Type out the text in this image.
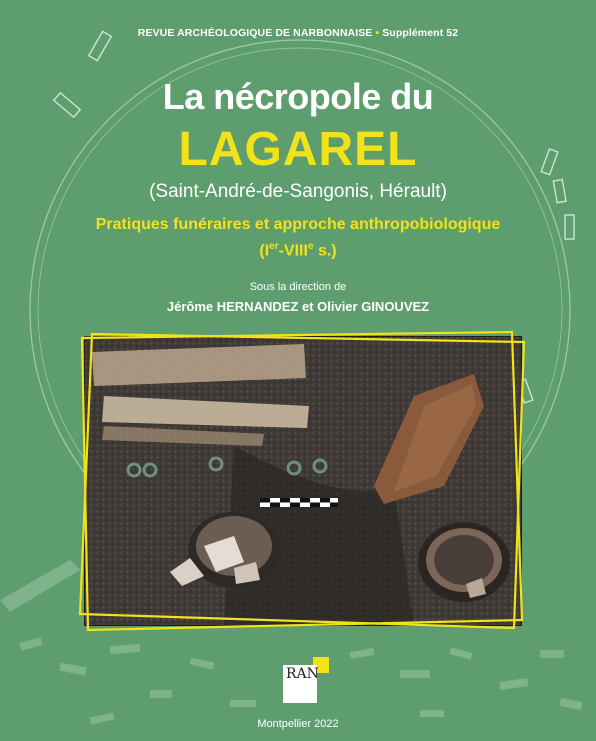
REVUE ARCHÉOLOGIQUE DE NARBONNAISE • Supplément 52
La nécropole du
LAGAREL
(Saint-André-de-Sangonis, Hérault)
Pratiques funéraires et approche anthropobiologique
(Ier-VIIIe s.)
Sous la direction de
Jérôme HERNANDEZ et Olivier GINOUVEZ
RAN
Montpellier 2022
